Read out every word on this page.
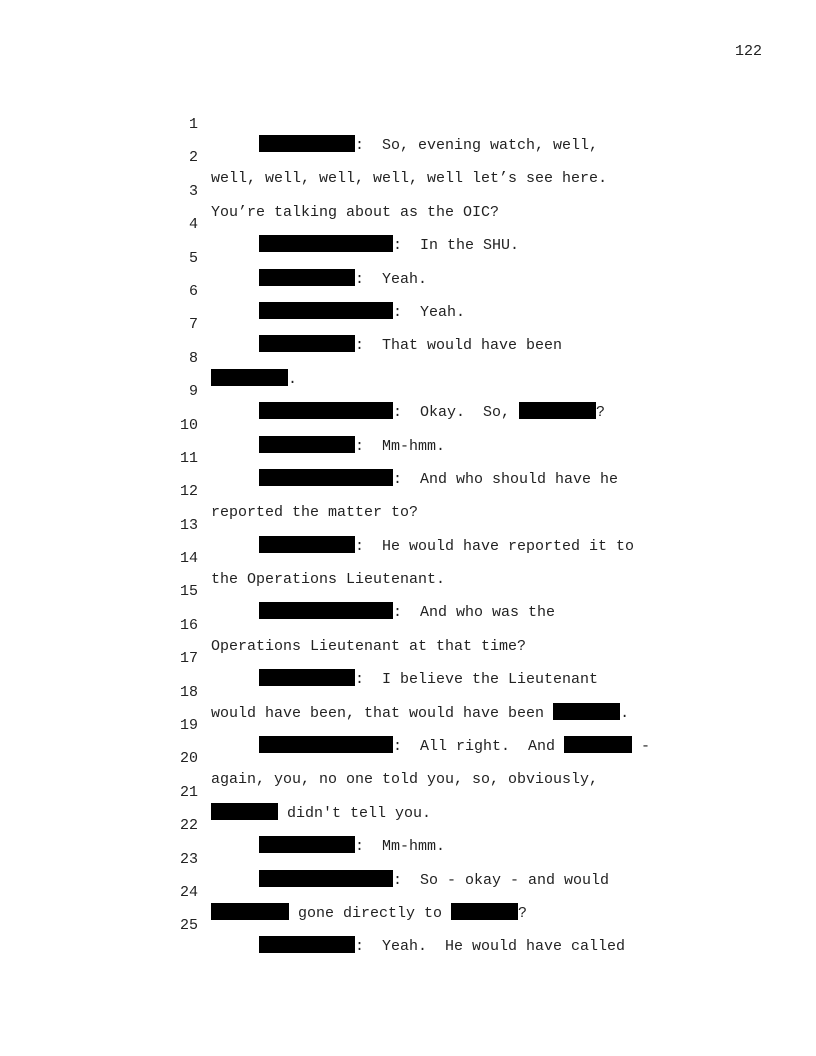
122

1

:  So, evening watch, well,

2

well, well, well, well, well let’s see here.

3

You’re talking about as the OIC?

4

:  In the SHU.

5

:  Yeah.

6

:  Yeah.

7

:  That would have been

8

.

9

:  Okay.  So,	?

10

:  Mm-hmm.

11

:  And who should have he

12

reported the matter to?

13

:  He would have reported it to

14

the Operations Lieutenant.

15

:  And who was the

16

Operations Lieutenant at that time?

17

:  I believe the Lieutenant

18

would have been, that would have been	.

19

:  All right.  And	-

20

again, you, no one told you, so, obviously,

21

didn't tell you.

22

:  Mm-hmm.

23

:  So - okay - and would

24

gone directly to	?

25

:  Yeah.  He would have called
